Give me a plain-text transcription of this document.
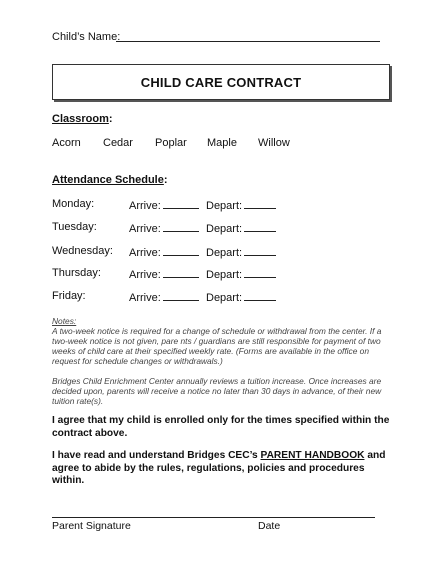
Child’s Name:
CHILD CARE CONTRACT
Classroom:
Acorn Cedar Poplar Maple Willow
Attendance Schedule:
Monday:	Arrive:	Depart:
Tuesday:	Arrive:	Depart:
Wednesday: Arrive:	Depart:
Thursday:	Arrive:	Depart:
Friday:	Arrive:	Depart:
Notes:

A two-week notice is required for a change of schedule or withdrawal from the center. If a two-week notice is not given, pare nts / guardians are still responsible for payment of two weeks of child care at their specified weekly rate. (Forms are available in the office on request for schedule changes or withdrawals.)

Bridges Child Enrichment Center annually reviews a tuition increase. Once increases are decided upon, parents will receive a notice no later than 30 days in advance, of their new tuition rate(s).

I agree that my child is enrolled only for the times specified within the contract above.
I have read and understand Bridges CEC’s PARENT HANDBOOK and agree to abide by the rules, regulations, policies and procedures within.
Parent Signature	Date
